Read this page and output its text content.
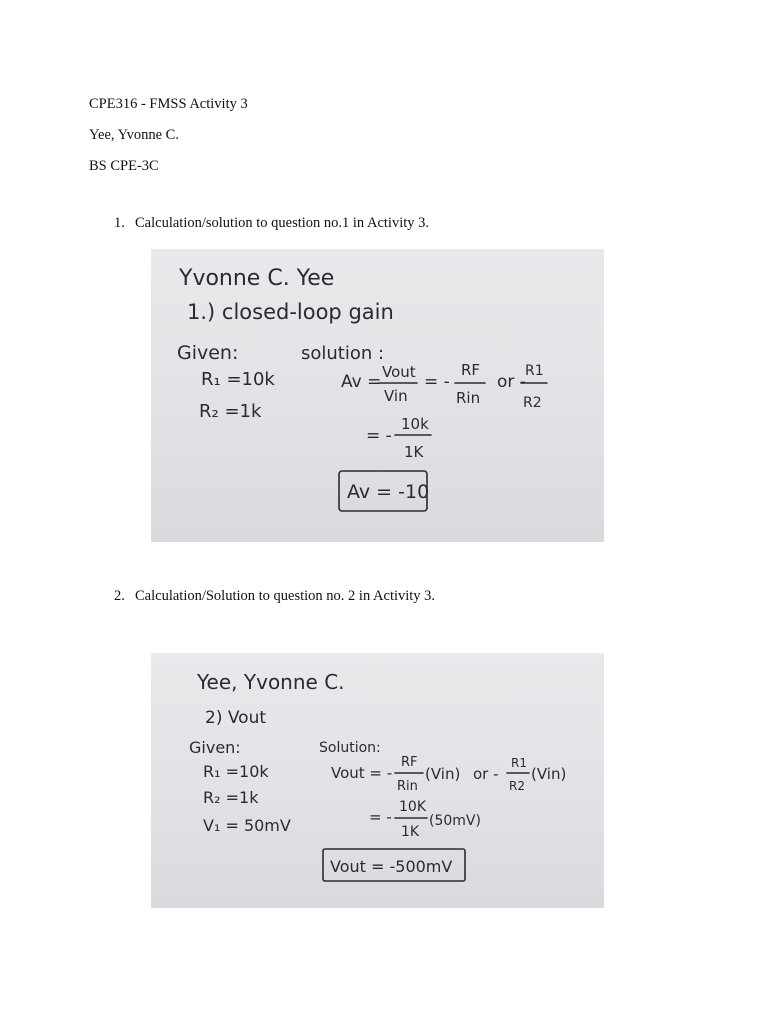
CPE316 - FMSS Activity 3
Yee, Yvonne C.
BS CPE-3C
1. Calculation/solution to question no.1 in Activity 3.
Yvonne C. Yee
1.) closed-loop gain
Given:
R₁ =10k
R₂ =1k
solution :
Av = Vout
Vin
= -
RF
Rin
or -
R1
R2
= -
10k
1K
Av = -10
2. Calculation/Solution to question no. 2 in Activity 3.
Yee, Yvonne C.
2) Vout
Given:
R₁ =10k
R₂ =1k
V₁ = 50mV
Solution:
Vout = -
RF
Rin
(Vin) or -
R1
R2
(Vin)
= -
10K
1K
(50mV)
Vout = -500mV
